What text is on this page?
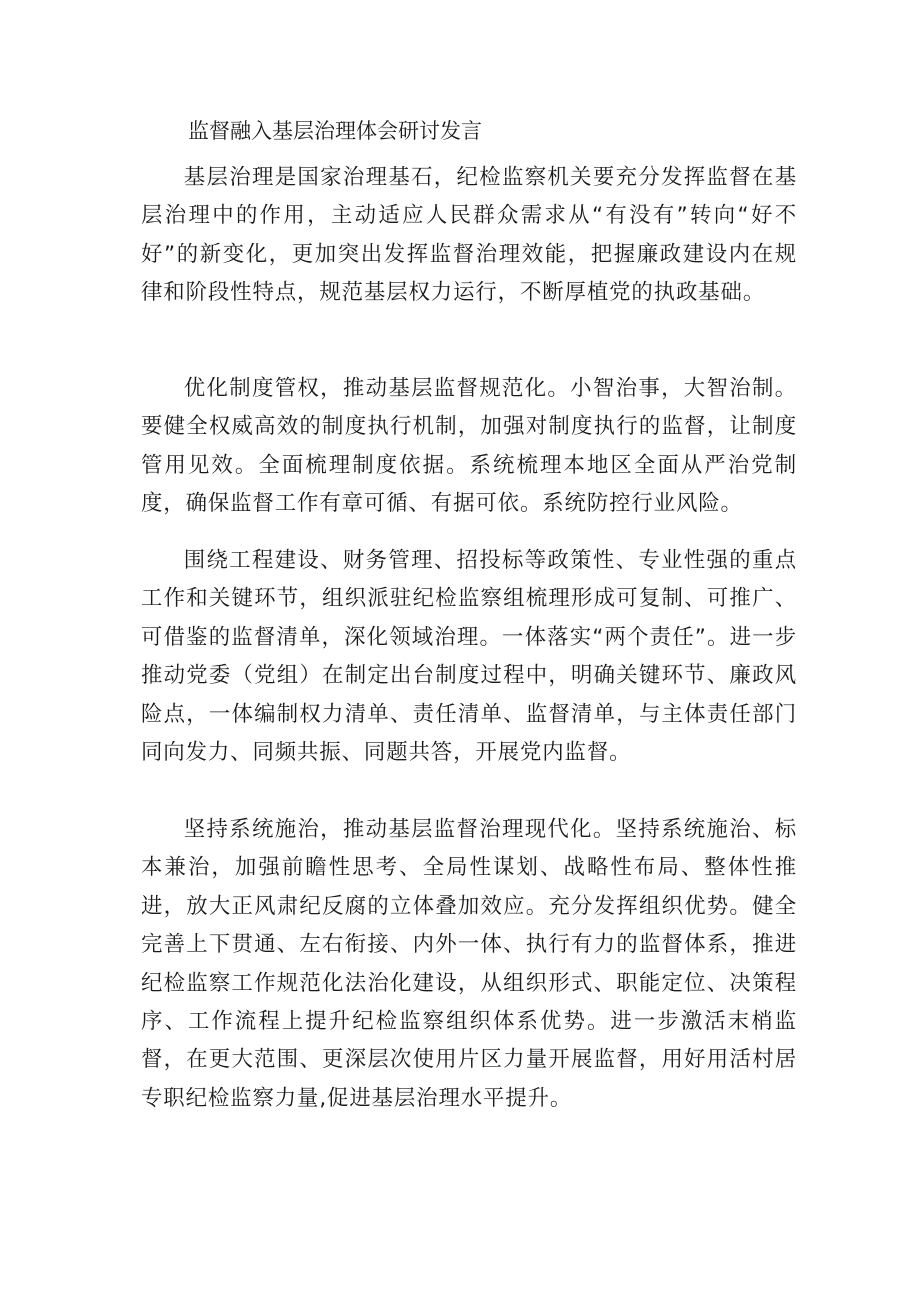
监督融入基层治理体会研讨发言

基层治理是国家治理基石，纪检监察机关要充分发挥监督在基层治理中的作用，主动适应人民群众需求从“有没有”转向“好不好”的新变化，更加突出发挥监督治理效能，把握廉政建设内在规律和阶段性特点，规范基层权力运行，不断厚植党的执政基础。

优化制度管权，推动基层监督规范化。小智治事，大智治制。要健全权威高效的制度执行机制，加强对制度执行的监督，让制度管用见效。全面梳理制度依据。系统梳理本地区全面从严治党制度，确保监督工作有章可循、有据可依。系统防控行业风险。

围绕工程建设、财务管理、招投标等政策性、专业性强的重点工作和关键环节，组织派驻纪检监察组梳理形成可复制、可推广、可借鉴的监督清单，深化领域治理。一体落实“两个责任”。进一步推动党委（党组）在制定出台制度过程中，明确关键环节、廉政风险点，一体编制权力清单、责任清单、监督清单，与主体责任部门同向发力、同频共振、同题共答，开展党内监督。

坚持系统施治，推动基层监督治理现代化。坚持系统施治、标本兼治，加强前瞻性思考、全局性谋划、战略性布局、整体性推进，放大正风肃纪反腐的立体叠加效应。充分发挥组织优势。健全完善上下贯通、左右衔接、内外一体、执行有力的监督体系，推进纪检监察工作规范化法治化建设，从组织形式、职能定位、决策程序、工作流程上提升纪检监察组织体系优势。进一步激活末梢监督，在更大范围、更深层次使用片区力量开展监督，用好用活村居专职纪检监察力量,促进基层治理水平提升。
